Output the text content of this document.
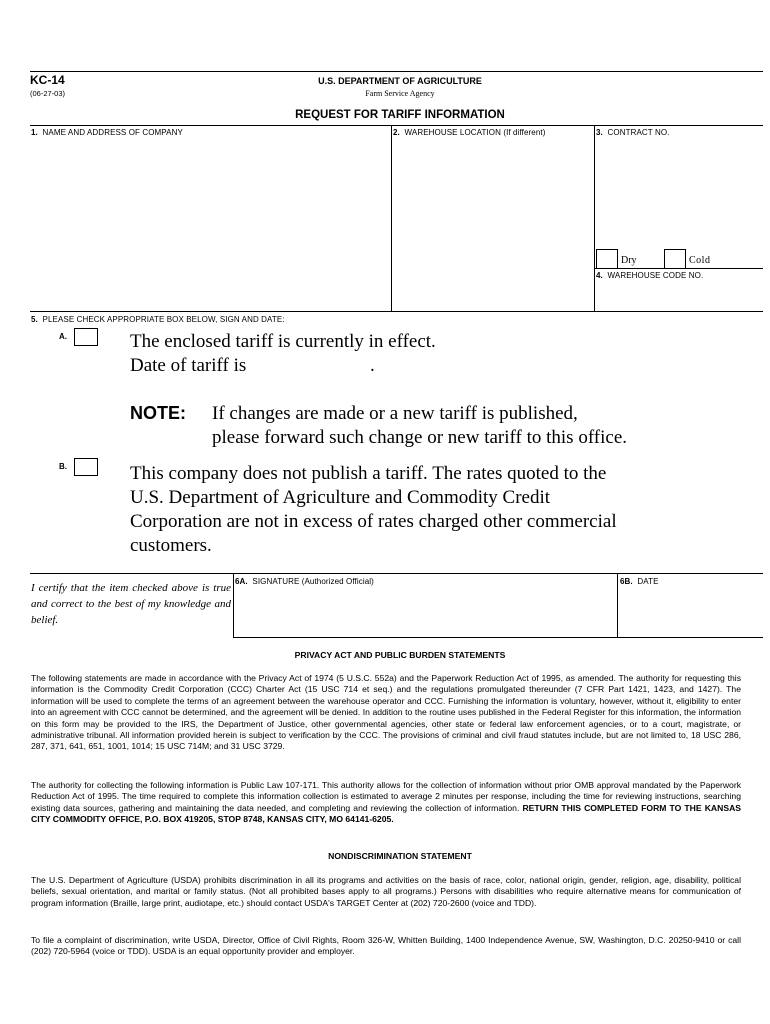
KC-14
(06-27-03)
U.S. DEPARTMENT OF AGRICULTURE
Farm Service Agency
REQUEST FOR TARIFF INFORMATION
1. NAME AND ADDRESS OF COMPANY	2. WAREHOUSE LOCATION (If different)	3. CONTRACT NO.
Dry	Cold
4. WAREHOUSE CODE NO.
5. PLEASE CHECK APPROPRIATE BOX BELOW, SIGN AND DATE:
A.	The enclosed tariff is currently in effect.
Date of tariff is	.
NOTE: If changes are made or a new tariff is published,
please forward such change or new tariff to this office.
B.	This company does not publish a tariff. The rates quoted to the
U.S. Department of Agriculture and Commodity Credit
Corporation are not in excess of rates charged other commercial
customers.
I certify that the item checked above is true and correct to the best of my knowledge and belief.
6A. SIGNATURE (Authorized Official)	6B. DATE
PRIVACY ACT AND PUBLIC BURDEN STATEMENTS
The following statements are made in accordance with the Privacy Act of 1974 (5 U.S.C. 552a) and the Paperwork Reduction Act of 1995, as amended. The authority for requesting this information is the Commodity Credit Corporation (CCC) Charter Act (15 USC 714 et seq.) and the regulations promulgated thereunder (7 CFR Part 1421, 1423, and 1427). The information will be used to complete the terms of an agreement between the warehouse operator and CCC. Furnishing the information is voluntary, however, without it, eligibility to enter into an agreement with CCC cannot be determined, and the agreement will be denied. In addition to the routine uses published in the Federal Register for this information, the information on this form may be provided to the IRS, the Department of Justice, other governmental agencies, other state or federal law enforcement agencies, or to a court, magistrate, or administrative tribunal. All information provided herein is subject to verification by the CCC. The provisions of criminal and civil fraud statutes include, but are not limited to, 18 USC 286, 287, 371, 641, 651, 1001, 1014; 15 USC 714M; and 31 USC 3729.
The authority for collecting the following information is Public Law 107-171. This authority allows for the collection of information without prior OMB approval mandated by the Paperwork Reduction Act of 1995. The time required to complete this information collection is estimated to average 2 minutes per response, including the time for reviewing instructions, searching existing data sources, gathering and maintaining the data needed, and completing and reviewing the collection of information. RETURN THIS COMPLETED FORM TO THE KANSAS CITY COMMODITY OFFICE, P.O. BOX 419205, STOP 8748, KANSAS CITY, MO 64141-6205.
NONDISCRIMINATION STATEMENT
The U.S. Department of Agriculture (USDA) prohibits discrimination in all its programs and activities on the basis of race, color, national origin, gender, religion, age, disability, political beliefs, sexual orientation, and marital or family status. (Not all prohibited bases apply to all programs.) Persons with disabilities who require alternative means for communication of program information (Braille, large print, audiotape, etc.) should contact USDA's TARGET Center at (202) 720-2600 (voice and TDD).
To file a complaint of discrimination, write USDA, Director, Office of Civil Rights, Room 326-W, Whitten Building, 1400 Independence Avenue, SW, Washington, D.C. 20250-9410 or call (202) 720-5964 (voice or TDD). USDA is an equal opportunity provider and employer.
